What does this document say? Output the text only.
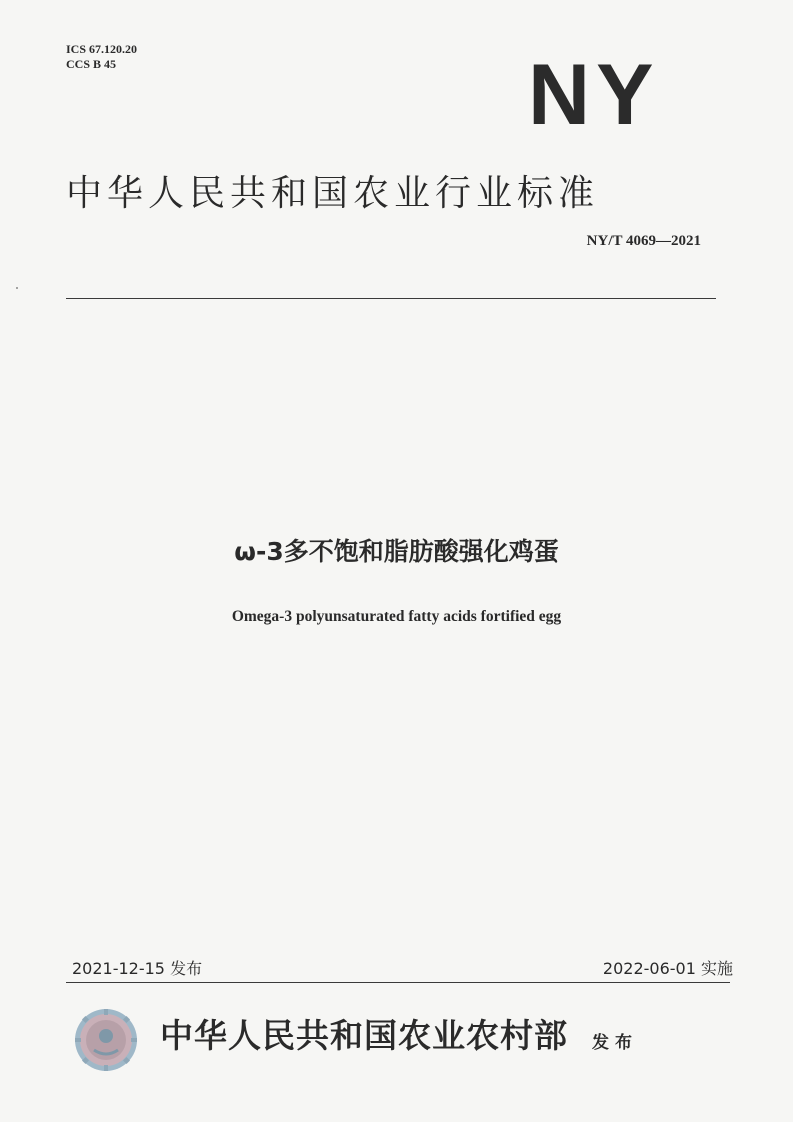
ICS 67.120.20
CCS B 45	NY
中华人民共和国农业行业标准
NY/T 4069—2021
ω-3多不饱和脂肪酸强化鸡蛋
Omega-3 polyunsaturated fatty acids fortified egg
2021-12-15 发布	2022-06-01 实施
中华人民共和国农业农村部 发布
